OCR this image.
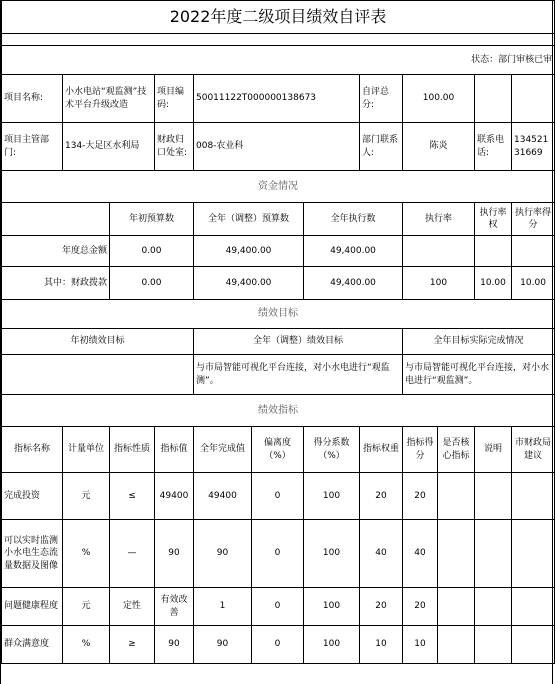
2022年度二级项目绩效自评表											

状态：部门审核已审											
项目名称:	小水电站“观监测”技术平台升级改造		项目编码:	50011122T000000138673			自评总分:	100.00			
项目主管部门:	134-大足区水利局		财政归口处室:	008-农业科			部门联系人:	陈炎		联系电话:	13452131669
资金情况											
		年初预算数		全年（调整）预算数		全年执行数		执行率		执行率权	执行率得分
年度总金额		0.00		49,400.00		49,400.00					
其中：财政拨款		0.00		49,400.00		49,400.00		100		10.00	10.00
绩效目标											
年初绩效目标				全年（调整）绩效目标				全年目标实际完成情况			
				与市局智能可视化平台连接，对小水电进行“观监测”。				与市局智能可视化平台连接，对小水电进行“观监测”。			
绩效指标											
指标名称	计量单位	指标性质	指标值	全年完成值	偏离度（%）	得分系数（%）	指标权重	指标得分	是否核心指标	说明	市财政局建议
完成投资	元	≤	49400	49400	0	100	20	20			
可以实时监测小水电生态流量数据及图像	%	—	90	90	0	100	40	40			
问题健康程度	元	定性	有效改善	1	0	100	20	20			
群众满意度	%	≥	90	90	0	100	10	10			
